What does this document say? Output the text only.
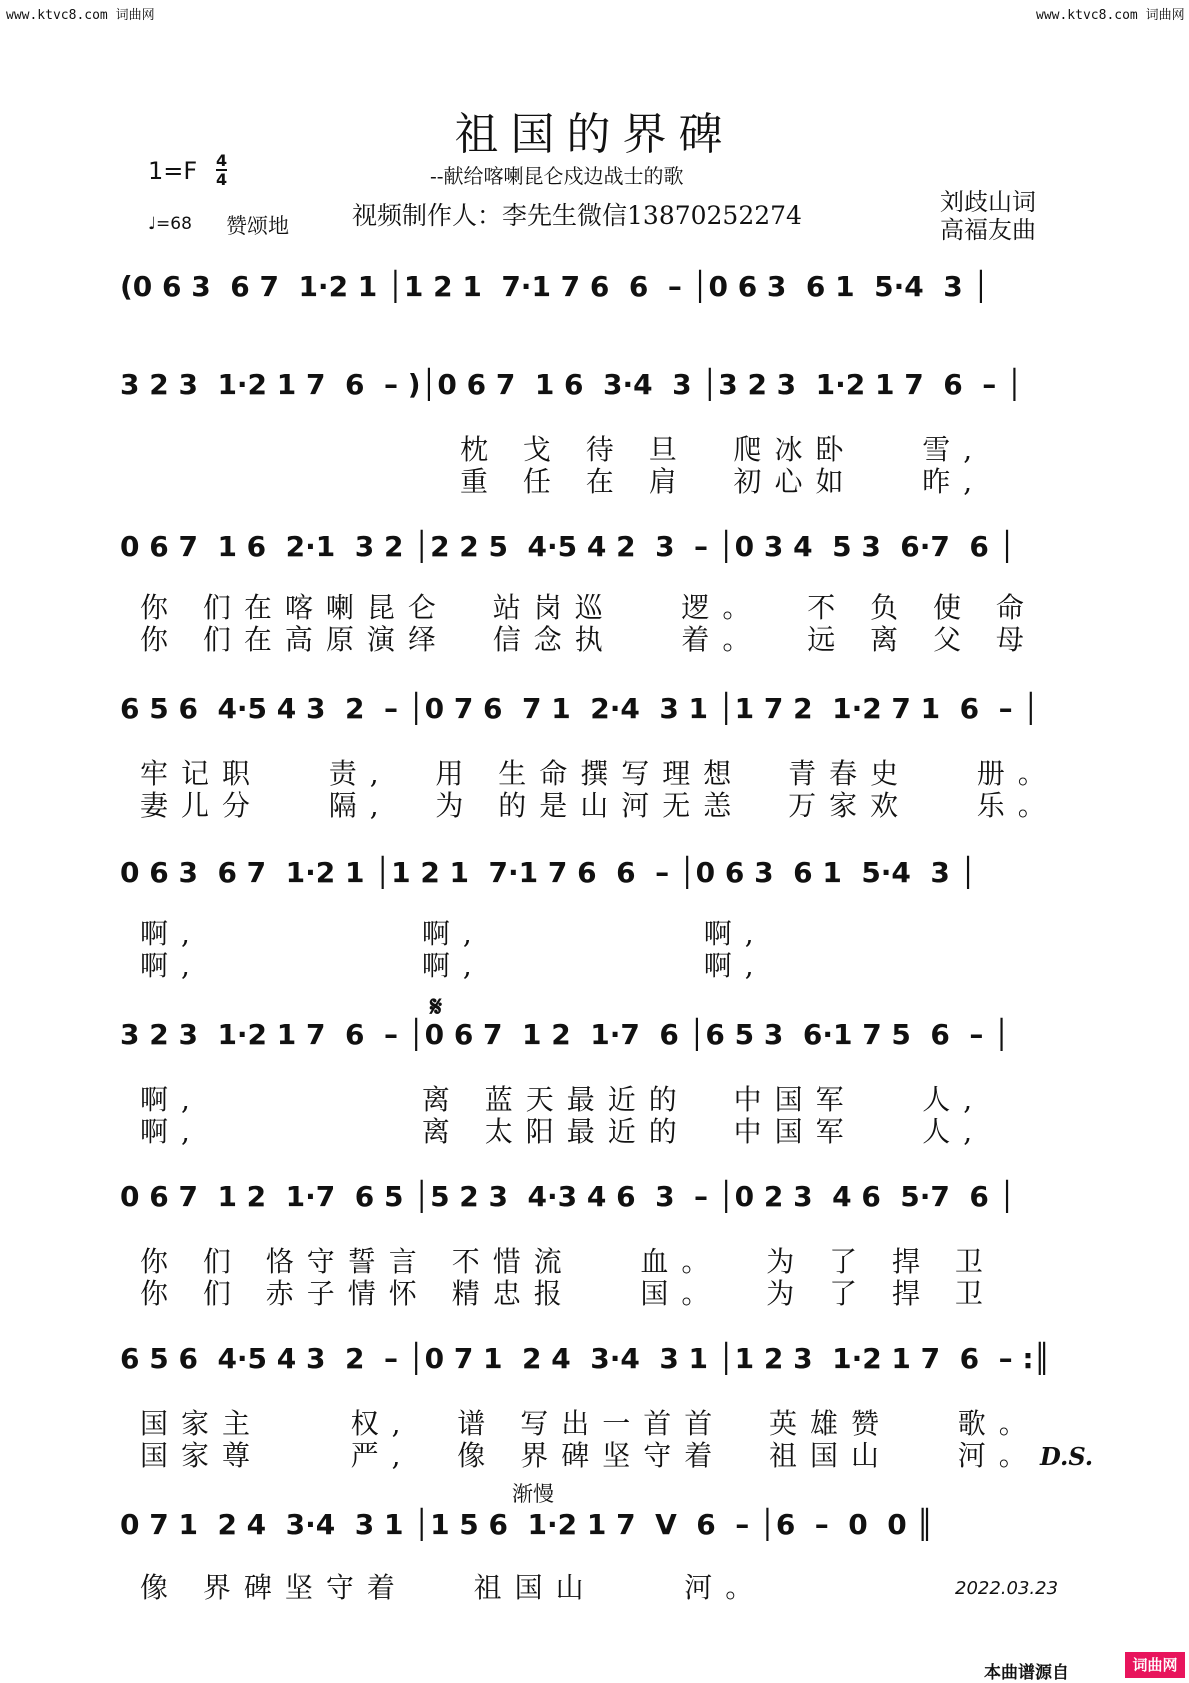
www.ktvc8.com 词曲网	www.ktvc8.com 词曲网
祖国的界碑
--献给喀喇昆仑戍边战士的歌
$1=F \frac{4}{4}$
♩=68 赞颂地	视频制作人：李先生微信13870252274	刘歧山词
高福友曲
(0 6 3  6 7  1·2 1 │1 2 1  7·1 7 6  6  – │0 6 3  6 1  5·4  3 │
3 2 3  1·2 1 7  6  – )│0 6 7  1 6  3·4  3 │3 2 3  1·2 1 7  6  – │
枕 戈 待 旦  爬冰卧   雪,
重 任 在 肩  初心如   昨,
0 6 7  1 6  2·1  3 2 │2 2 5  4·5 4 2  3  – │0 3 4  5 3  6·7  6 │
你 们在喀喇昆仑  站岗巡   逻。  不 负 使 命
你 们在高原演绎  信念执   着。  远 离 父 母
6 5 6  4·5 4 3  2  – │0 7 6  7 1  2·4  3 1 │1 7 2  1·2 7 1  6  – │
牢记职   责,  用 生命撰写理想  青春史   册。
妻儿分   隔,  为 的是山河无恙  万家欢   乐。
0 6 3  6 7  1·2 1 │1 2 1  7·1 7 6  6  – │0 6 3  6 1  5·4  3 │
啊,          啊,          啊,
啊,          啊,          啊,
𝄋
3 2 3  1·2 1 7  6  – │0 6 7  1 2  1·7  6 │6 5 3  6·1 7 5  6  – │
啊,          离 蓝天最近的  中国军   人,
啊,          离 太阳最近的  中国军   人,
0 6 7  1 2  1·7  6 5 │5 2 3  4·3 4 6  3  – │0 2 3  4 6  5·7  6 │
你 们 恪守誓言 不惜流   血。  为 了 捍 卫
你 们 赤子情怀 精忠报   国。  为 了 捍 卫
6 5 6  4·5 4 3  2  – │0 7 1  2 4  3·4  3 1 │1 2 3  1·2 1 7  6  – :║
国家主    权,  谱 写出一首首  英雄赞   歌。
国家尊    严,  像 界碑坚守着  祖国山   河。 D.S.
渐慢
0 7 1  2 4  3·4  3 1 │1 5 6  1·2 1 7  V  6  – │6  –  0  0 ║
像 界碑坚守着   祖国山    河。	2022.03.23
本曲谱源自	词曲网
